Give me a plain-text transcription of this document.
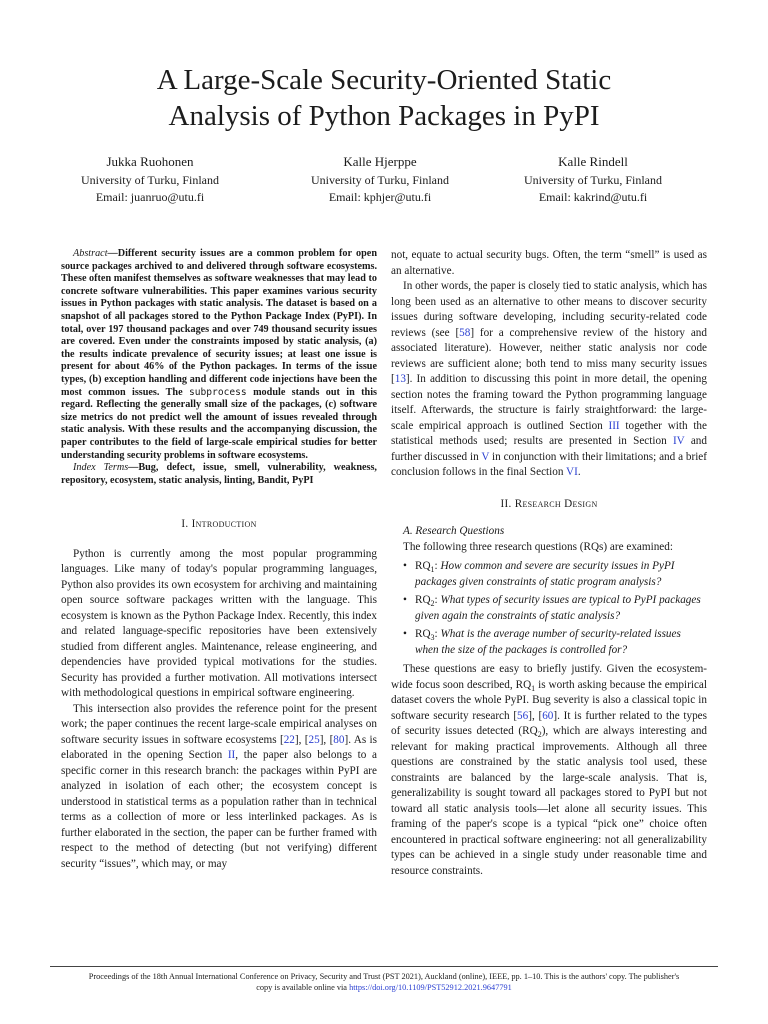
A Large-Scale Security-Oriented Static
Analysis of Python Packages in PyPI
Jukka Ruohonen
University of Turku, Finland
Email: juanruo@utu.fi
Kalle Hjerppe
University of Turku, Finland
Email: kphjer@utu.fi
Kalle Rindell
University of Turku, Finland
Email: kakrind@utu.fi

Abstract—Different security issues are a common problem for open source packages archived to and delivered through software ecosystems. These often manifest themselves as software weaknesses that may lead to concrete software vulnerabilities. This paper examines various security issues in Python packages with static analysis. The dataset is based on a snapshot of all packages stored to the Python Package Index (PyPI). In total, over 197 thousand packages and over 749 thousand security issues are covered. Even under the constraints imposed by static analysis, (a) the results indicate prevalence of security issues; at least one issue is present for about 46% of the Python packages. In terms of the issue types, (b) exception handling and different code injections have been the most common issues. The subprocess module stands out in this regard. Reflecting the generally small size of the packages, (c) software size metrics do not predict well the amount of issues revealed through static analysis. With these results and the accompanying discussion, the paper contributes to the field of large-scale empirical studies for better understanding security problems in software ecosystems.

Index Terms—Bug, defect, issue, smell, vulnerability, weakness, repository, ecosystem, static analysis, linting, Bandit, PyPI

I. Introduction

Python is currently among the most popular programming languages. Like many of today's popular programming languages, Python also provides its own ecosystem for archiving and maintaining open source software packages written with the language. This ecosystem is known as the Python Package Index. Recently, this index and related language-specific repositories have been extensively studied from different angles. Maintenance, release engineering, and dependencies have provided typical motivations for the studies. Security has provided a further motivation. All motivations intersect with methodological questions in empirical software engineering.

This intersection also provides the reference point for the present work; the paper continues the recent large-scale empirical analyses on software security issues in software ecosystems [22], [25], [80]. As is elaborated in the opening Section II, the paper also belongs to a specific corner in this research branch: the packages within PyPI are analyzed in isolation of each other; the ecosystem concept is understood in statistical terms as a population rather than in technical terms as a collection of more or less interlinked packages. As is further elaborated in the section, the paper can be further framed with respect to the method of detecting (but not verifying) different security “issues”, which may, or may

not, equate to actual security bugs. Often, the term “smell” is used as an alternative.

In other words, the paper is closely tied to static analysis, which has long been used as an alternative to other means to discover security issues during software developing, including security-related code reviews (see [58] for a comprehensive review of the history and associated literature). However, neither static analysis nor code reviews are sufficient alone; both tend to miss many security issues [13]. In addition to discussing this point in more detail, the opening section notes the framing toward the Python programming language itself. Afterwards, the structure is fairly straightforward: the large-scale empirical approach is outlined Section III together with the statistical methods used; results are presented in Section IV and further discussed in V in conjunction with their limitations; and a brief conclusion follows in the final Section VI.

II. Research Design

A. Research Questions

The following three research questions (RQs) are examined:

• $RQ_1$: How common and severe are security issues in PyPI packages given constraints of static program analysis?
• $RQ_2$: What types of security issues are typical to PyPI packages given again the constraints of static analysis?
• $RQ_3$: What is the average number of security-related issues when the size of the packages is controlled for?

These questions are easy to briefly justify. Given the ecosystem-wide focus soon described, $RQ_1$ is worth asking because the empirical dataset covers the whole PyPI. Bug severity is also a classical topic in software security research [56], [60]. It is further related to the types of security issues detected $(RQ_2)$, which are always interesting and relevant for making practical improvements. Although all three questions are constrained by the static analysis tool used, these constraints are balanced by the large-scale analysis. That is, generalizability is sought toward all packages stored to PyPI but not toward all static analysis tools—let alone all security issues. This framing of the paper's scope is a typical “pick one” choice often encountered in practical software engineering: not all generalizability types can be achieved in a single study under reasonable time and resource constraints.

Proceedings of the 18th Annual International Conference on Privacy, Security and Trust (PST 2021), Auckland (online), IEEE, pp. 1–10. This is the authors' copy. The publisher's
copy is available online via https://doi.org/10.1109/PST52912.2021.9647791
